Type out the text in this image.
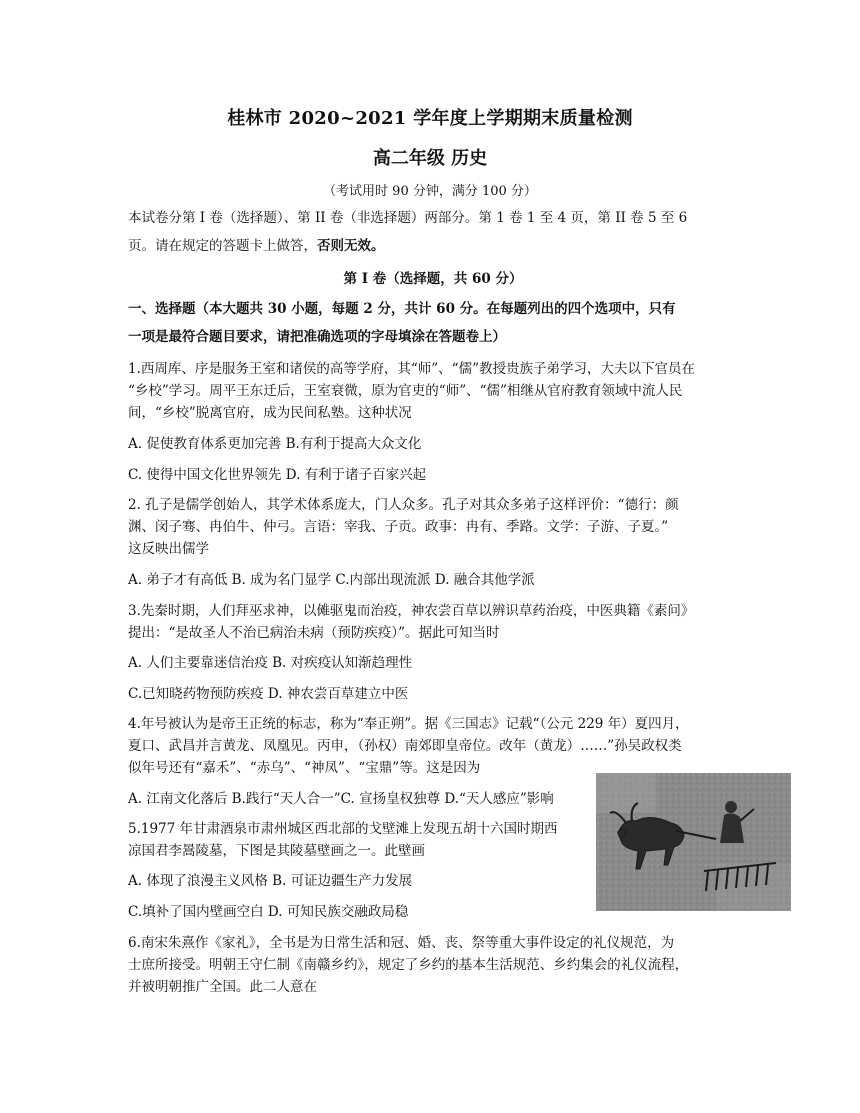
桂林市 2020~2021 学年度上学期期末质量检测
高二年级 历史
（考试用时 90 分钟，满分 100 分）
本试卷分第 I 卷（选择题）、第 II 卷（非选择题）两部分。第 1 卷 1 至 4 页，第 II 卷 5 至 6
页。请在规定的答题卡上做答，否则无效。
第 I 卷（选择题，共 60 分）
一、选择题（本大题共 30 小题，每题 2 分，共计 60 分。在每题列出的四个选项中，只有
一项是最符合题目要求，请把准确选项的字母填涂在答题卷上）
1.西周库、序是服务王室和诸侯的高等学府，其“师”、“儒”教授贵族子弟学习，大夫以下官员在
“乡校”学习。周平王东迁后，王室衰微，原为官吏的“师”、“儒”相继从官府教育领域中流人民
间，“乡校”脱离官府，成为民间私塾。这种状况
A. 促使教育体系更加完善 B.有利于提高大众文化
C. 使得中国文化世界领先 D. 有利于诸子百家兴起
2. 孔子是儒学创始人，其学术体系庞大，门人众多。孔子对其众多弟子这样评价：“德行：颜
渊、闵子骞、冉伯牛、仲弓。言语：宰我、子贡。政事：冉有、季路。文学：子游、子夏。”
这反映出儒学
A. 弟子才有高低 B. 成为名门显学 C.内部出现流派 D. 融合其他学派
3.先秦时期，人们拜巫求神，以傩驱鬼而治疫，神农尝百草以辨识草药治疫，中医典籍《素问》
提出：“是故圣人不治已病治未病（预防疾疫）”。据此可知当时
A. 人们主要靠迷信治疫 B. 对疾疫认知渐趋理性
C.已知晓药物预防疾疫 D. 神农尝百草建立中医
4.年号被认为是帝王正统的标志，称为“奉正朔”。据《三国志》记载“（公元 229 年）夏四月，
夏口、武昌并言黄龙、凤凰见。丙申，（孙权）南郊即皇帝位。改年（黄龙）……”孙吴政权类
似年号还有“嘉禾”、“赤乌”、“神凤”、“宝鼎”等。这是因为
A. 江南文化落后 B.践行“天人合一”C. 宣扬皇权独尊 D.“天人感应”影响
5.1977 年甘肃酒泉市肃州城区西北部的戈壁滩上发现五胡十六国时期西
凉国君李暠陵墓，下图是其陵墓壁画之一。此壁画
A. 体现了浪漫主义风格 B. 可证边疆生产力发展
C.填补了国内壁画空白 D. 可知民族交融政局稳
6.南宋朱熹作《家礼》，全书是为日常生活和冠、婚、丧、祭等重大事件设定的礼仪规范，为
士庶所接受。明朝王守仁制《南赣乡约》，规定了乡约的基本生活规范、乡约集会的礼仪流程，
并被明朝推广全国。此二人意在
